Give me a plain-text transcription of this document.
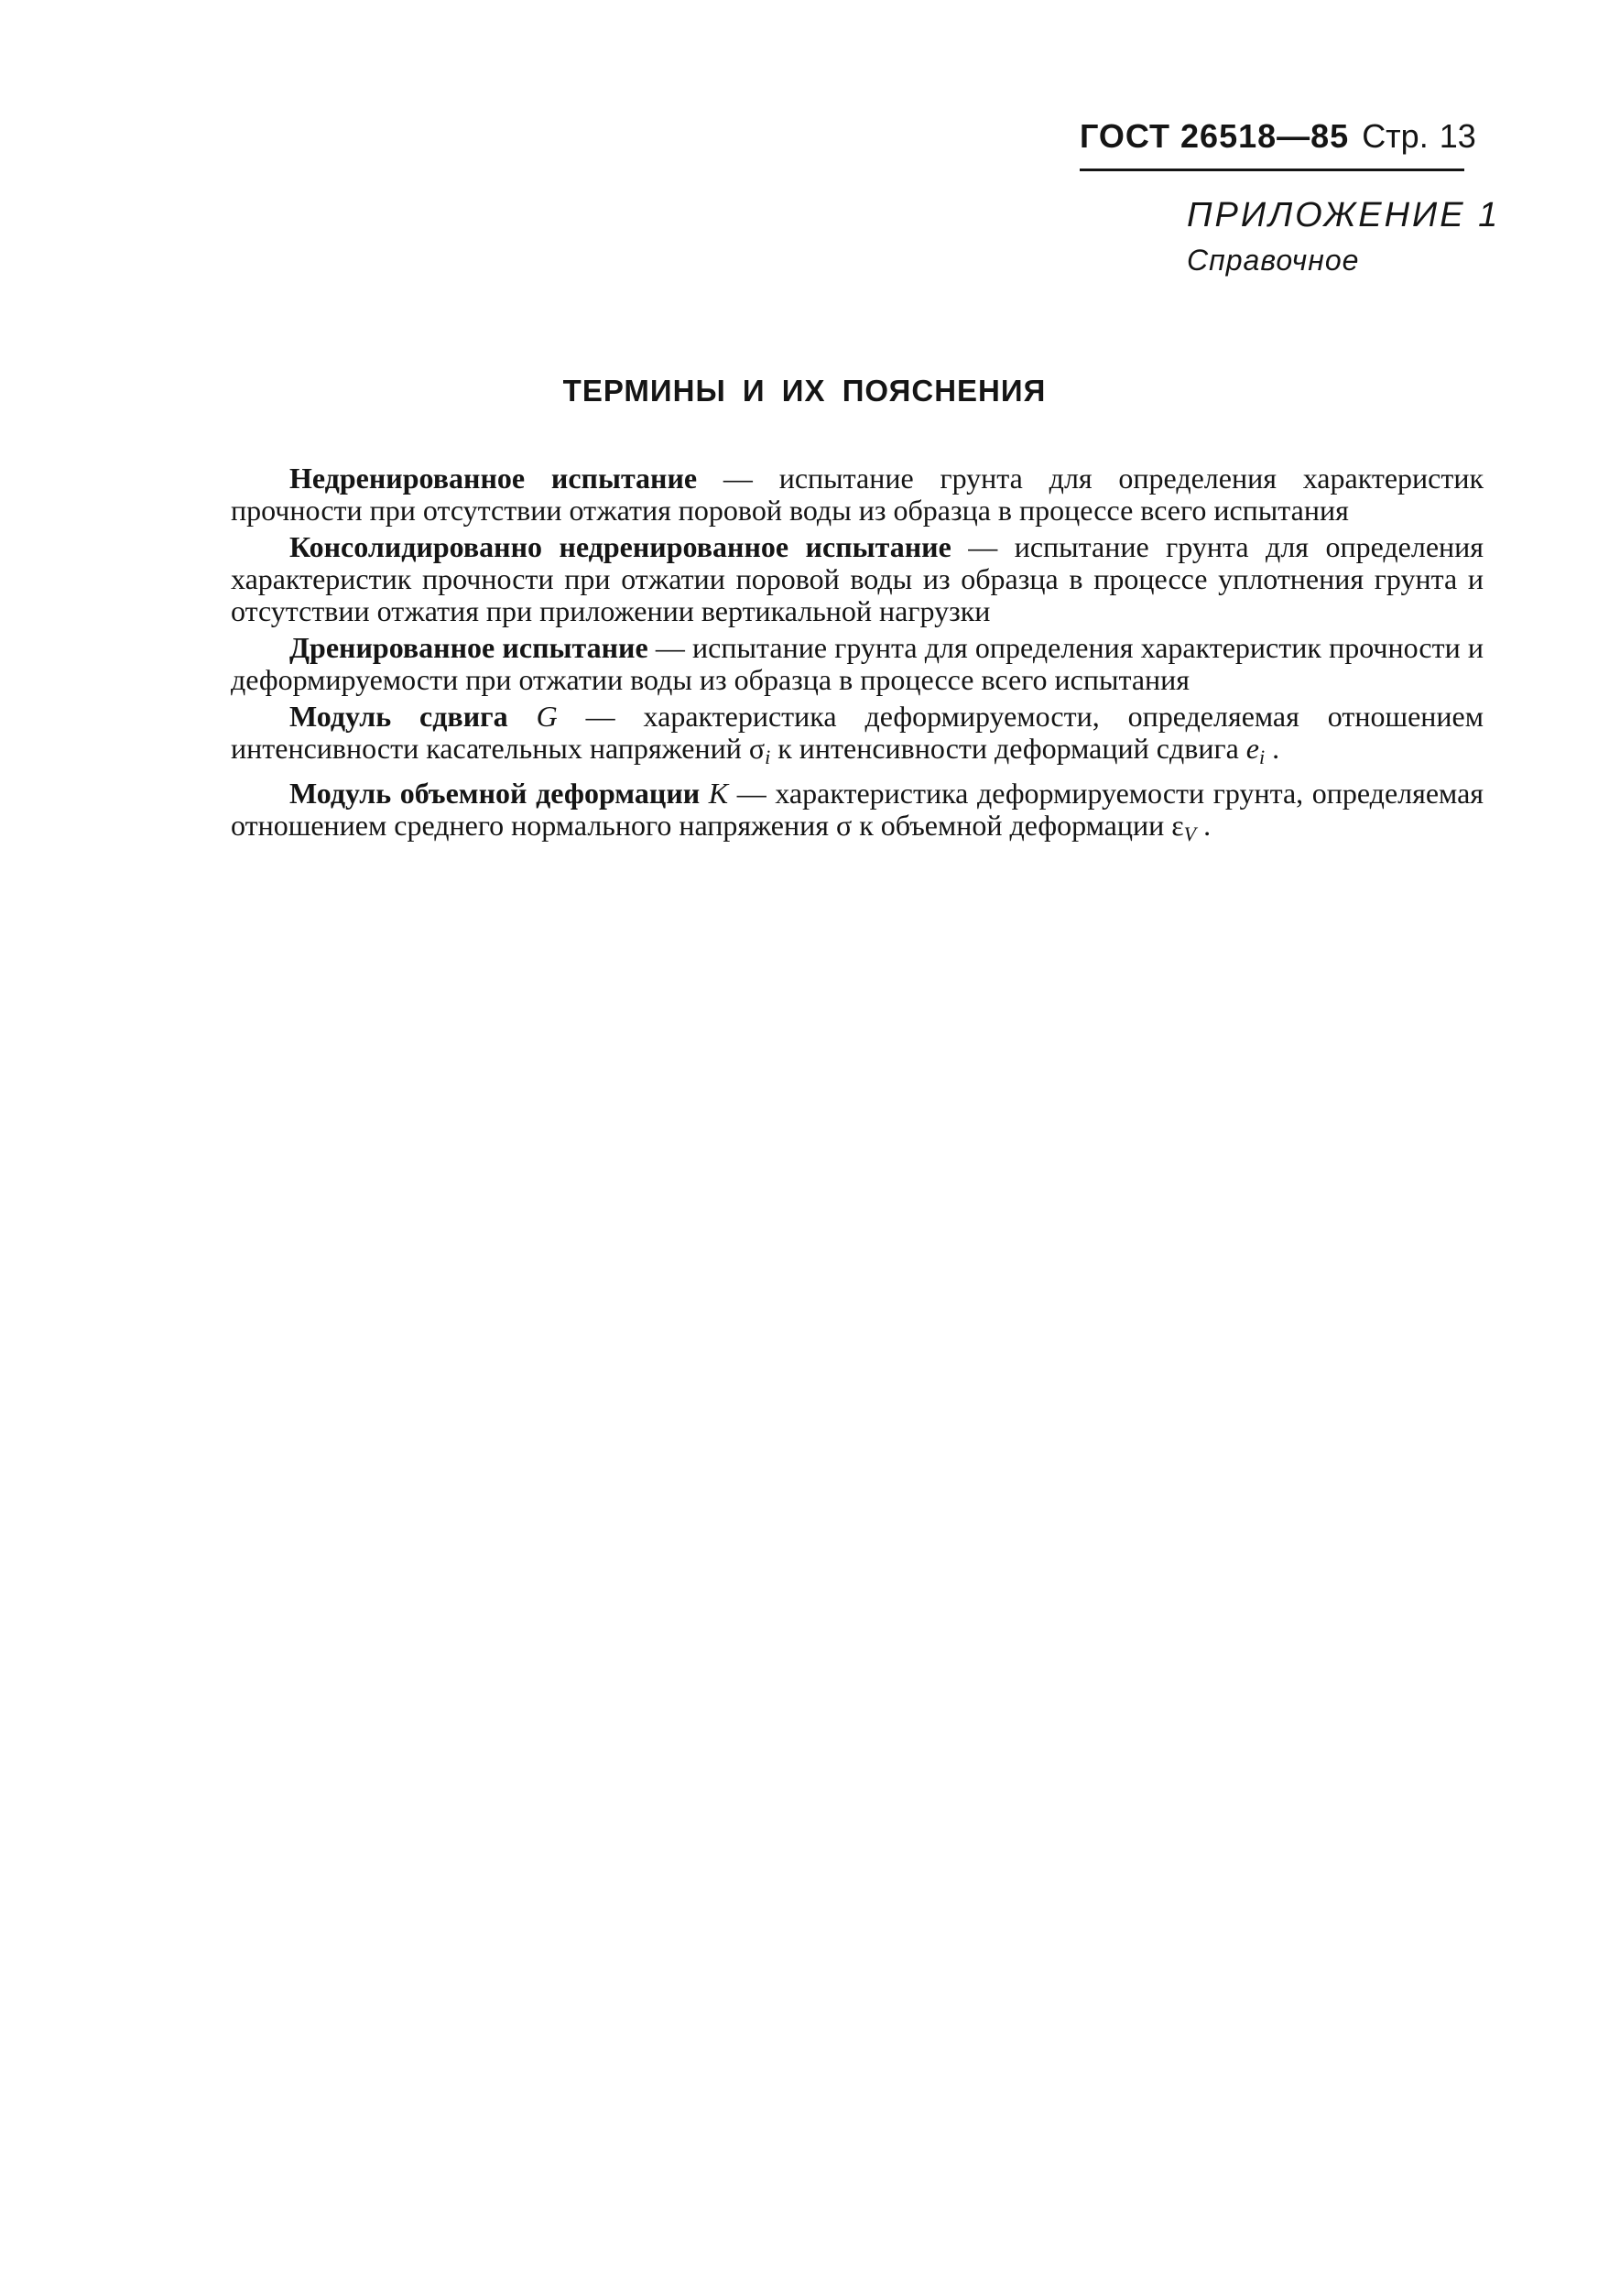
ГОСТ 26518—85 Стр. 13
ПРИЛОЖЕНИЕ 1
Справочное
ТЕРМИНЫ И ИХ ПОЯСНЕНИЯ

Недренированное испытание — испытание грунта для определения характеристик прочности при отсутствии отжатия поровой воды из образца в процессе всего испытания

Консолидированно недренированное испытание — испытание грунта для определения характеристик прочности при отжатии поровой воды из образца в процессе уплотнения грунта и отсутствии отжатия при приложении вертикальной нагрузки

Дренированное испытание — испытание грунта для определения характеристик прочности и деформируемости при отжатии воды из образца в процессе всего испытания

Модуль сдвига G — характеристика деформируемости, определяемая отношением интенсивности касательных напряжений σi к интенсивности деформаций сдвига ei .

Модуль объемной деформации K — характеристика деформируемости грунта, определяемая отношением среднего нормального напряжения σ к объемной деформации εV .
